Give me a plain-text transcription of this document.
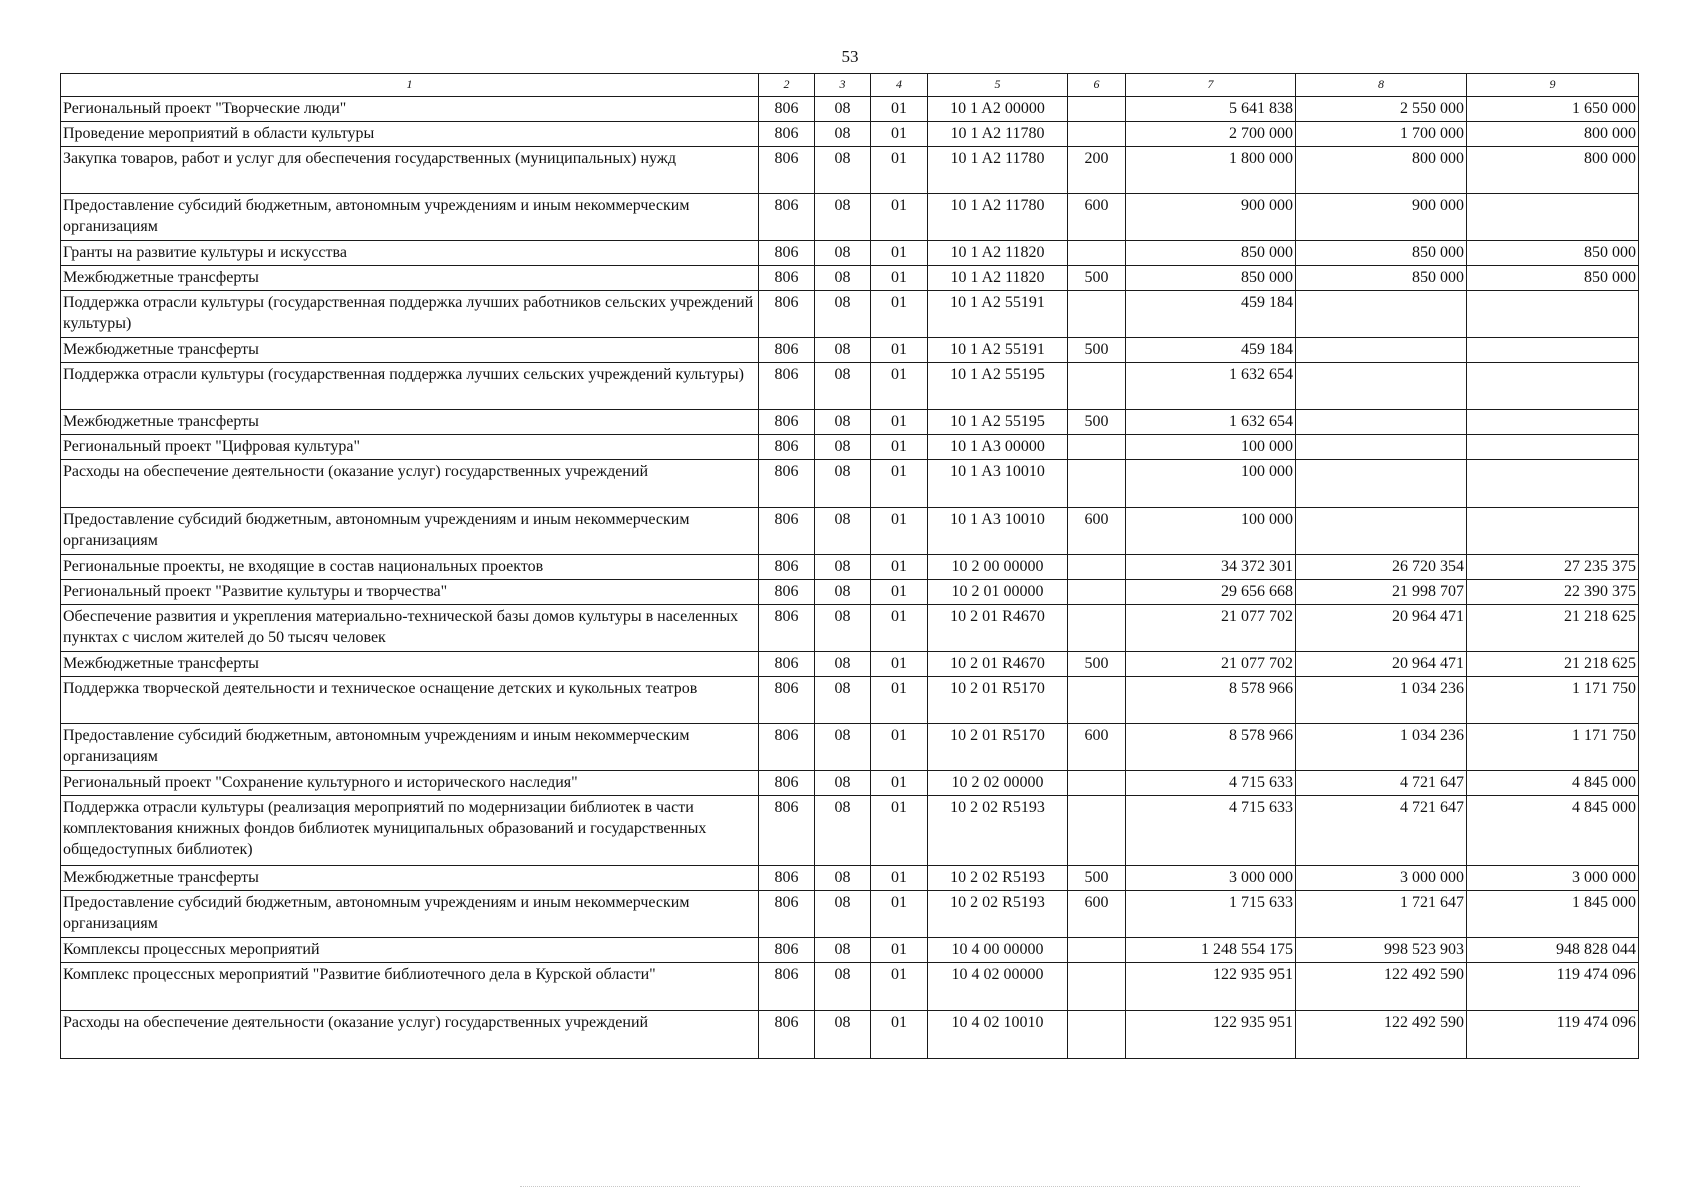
53
1	2	3	4	5	6	7	8	9
Региональный проект "Творческие люди"	806	08	01	10 1 A2 00000		5 641 838	2 550 000	1 650 000
Проведение мероприятий в области культуры	806	08	01	10 1 A2 11780		2 700 000	1 700 000	800 000
Закупка товаров, работ и услуг для обеспечения государственных (муниципальных) нужд	806	08	01	10 1 A2 11780	200	1 800 000	800 000	800 000
Предоставление субсидий бюджетным, автономным учреждениям и иным некоммерческим организациям	806	08	01	10 1 A2 11780	600	900 000	900 000	
Гранты на развитие культуры и искусства	806	08	01	10 1 A2 11820		850 000	850 000	850 000
Межбюджетные трансферты	806	08	01	10 1 A2 11820	500	850 000	850 000	850 000
Поддержка отрасли культуры (государственная поддержка лучших работников сельских учреждений культуры)	806	08	01	10 1 A2 55191		459 184		
Межбюджетные трансферты	806	08	01	10 1 A2 55191	500	459 184		
Поддержка отрасли культуры (государственная поддержка лучших сельских учреждений культуры)	806	08	01	10 1 A2 55195		1 632 654		
Межбюджетные трансферты	806	08	01	10 1 A2 55195	500	1 632 654		
Региональный проект "Цифровая культура"	806	08	01	10 1 A3 00000		100 000		
Расходы на обеспечение деятельности (оказание услуг) государственных учреждений	806	08	01	10 1 A3 10010		100 000		
Предоставление субсидий бюджетным, автономным учреждениям и иным некоммерческим организациям	806	08	01	10 1 A3 10010	600	100 000		
Региональные проекты, не входящие в состав национальных проектов	806	08	01	10 2 00 00000		34 372 301	26 720 354	27 235 375
Региональный проект "Развитие культуры и творчества"	806	08	01	10 2 01 00000		29 656 668	21 998 707	22 390 375
Обеспечение развития и укрепления материально-технической базы домов культуры в населенных пунктах с числом жителей до 50 тысяч человек	806	08	01	10 2 01 R4670		21 077 702	20 964 471	21 218 625
Межбюджетные трансферты	806	08	01	10 2 01 R4670	500	21 077 702	20 964 471	21 218 625
Поддержка творческой деятельности и техническое оснащение детских и кукольных театров	806	08	01	10 2 01 R5170		8 578 966	1 034 236	1 171 750
Предоставление субсидий бюджетным, автономным учреждениям и иным некоммерческим организациям	806	08	01	10 2 01 R5170	600	8 578 966	1 034 236	1 171 750
Региональный проект "Сохранение культурного и исторического наследия"	806	08	01	10 2 02 00000		4 715 633	4 721 647	4 845 000
Поддержка отрасли культуры (реализация мероприятий по модернизации библиотек в части комплектования книжных фондов библиотек муниципальных образований и государственных общедоступных библиотек)	806	08	01	10 2 02 R5193		4 715 633	4 721 647	4 845 000
Межбюджетные трансферты	806	08	01	10 2 02 R5193	500	3 000 000	3 000 000	3 000 000
Предоставление субсидий бюджетным, автономным учреждениям и иным некоммерческим организациям	806	08	01	10 2 02 R5193	600	1 715 633	1 721 647	1 845 000
Комплексы процессных мероприятий	806	08	01	10 4 00 00000		1 248 554 175	998 523 903	948 828 044
Комплекс процессных мероприятий "Развитие библиотечного дела в Курской области"	806	08	01	10 4 02 00000		122 935 951	122 492 590	119 474 096
Расходы на обеспечение деятельности (оказание услуг) государственных учреждений	806	08	01	10 4 02 10010		122 935 951	122 492 590	119 474 096
